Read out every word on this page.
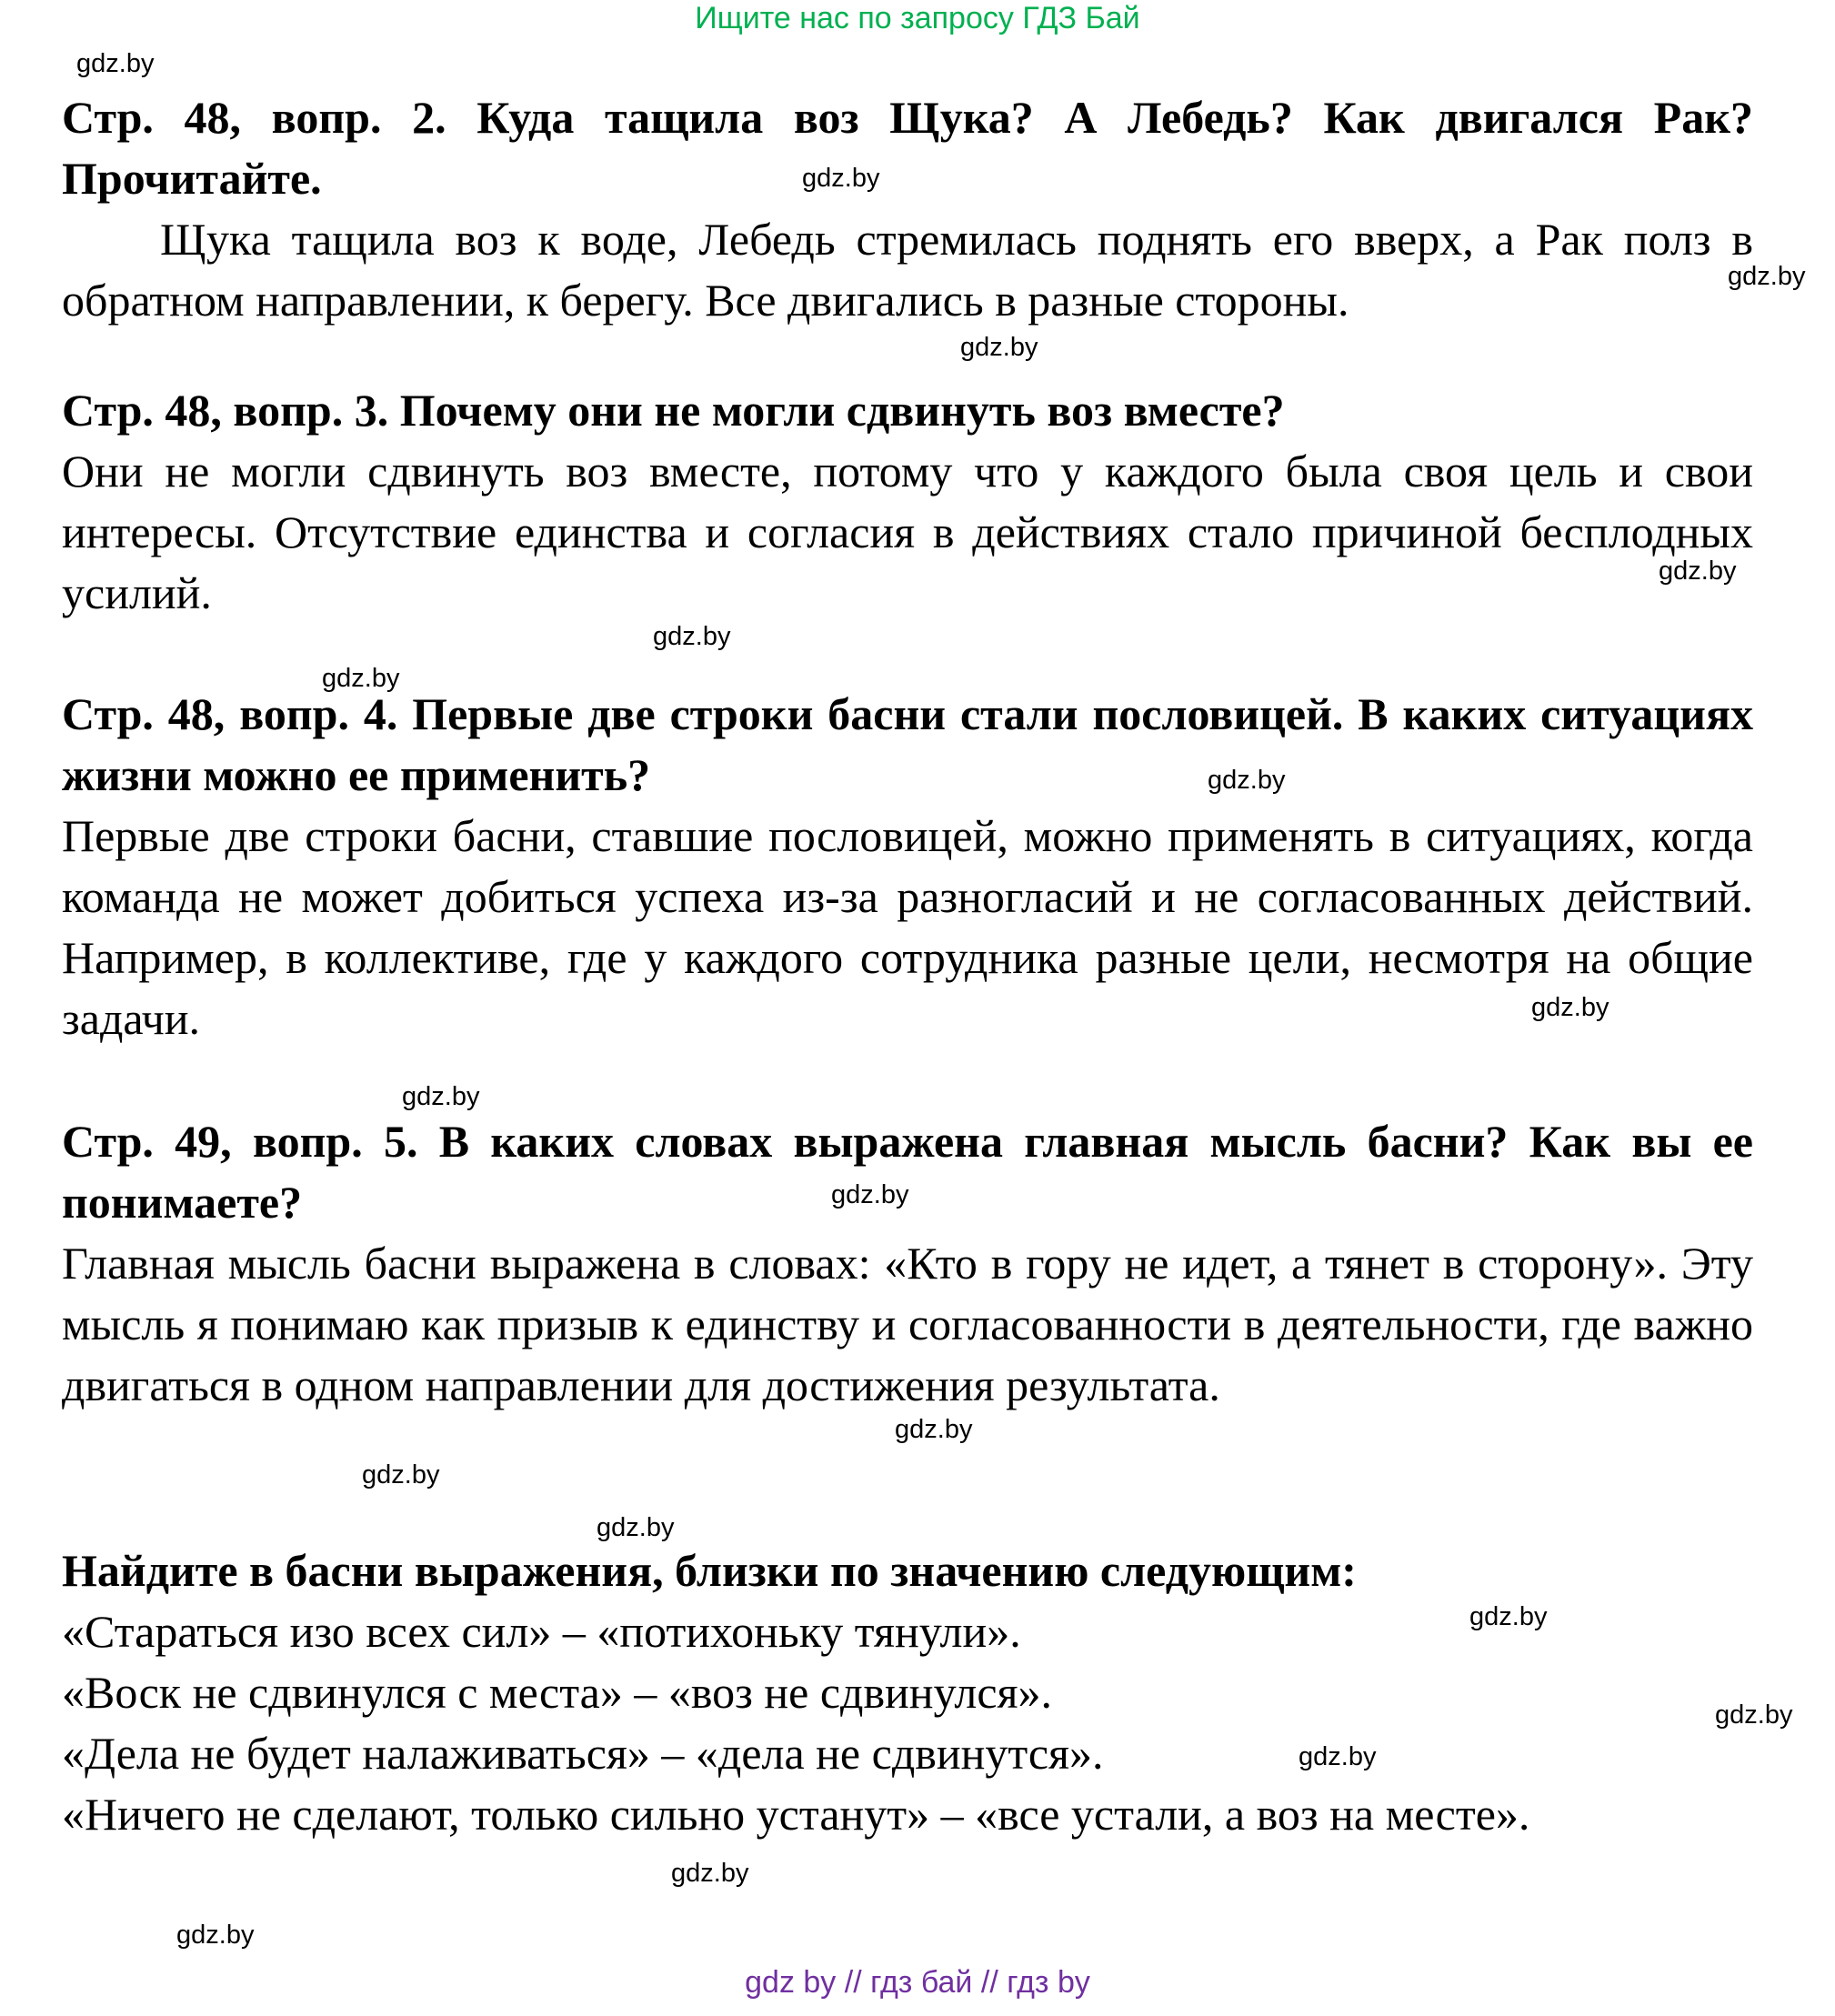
Ищите нас по запросу ГДЗ Бай
gdz.by
gdz.by
gdz.by
gdz.by
gdz.by
gdz.by
gdz.by
gdz.by
gdz.by
gdz.by
gdz.by
gdz.by
gdz.by
gdz.by
gdz.by
gdz.by
gdz.by
gdz.by
gdz.by

Стр. 48, вопр. 2. Куда тащила воз Щука? А Лебедь? Как двигался Рак? Прочитайте.

Щука тащила воз к воде, Лебедь стремилась поднять его вверх, а Рак полз в обратном направлении, к берегу. Все двигались в разные стороны.

Стр. 48, вопр. 3. Почему они не могли сдвинуть воз вместе?

Они не могли сдвинуть воз вместе, потому что у каждого была своя цель и свои интересы. Отсутствие единства и согласия в действиях стало причиной бесплодных усилий.

Стр. 48, вопр. 4. Первые две строки басни стали пословицей. В каких ситуациях жизни можно ее применить?

Первые две строки басни, ставшие пословицей, можно применять в ситуациях, когда команда не может добиться успеха из-за разногласий и не согласованных действий. Например, в коллективе, где у каждого сотрудника разные цели, несмотря на общие задачи.

Стр. 49, вопр. 5. В каких словах выражена главная мысль басни? Как вы ее понимаете?

Главная мысль басни выражена в словах: «Кто в гору не идет, а тянет в сторону». Эту мысль я понимаю как призыв к единству и согласованности в деятельности, где важно двигаться в одном направлении для достижения результата.

Найдите в басни выражения, близки по значению следующим:

«Стараться изо всех сил» – «потихоньку тянули».

«Воск не сдвинулся с места» – «воз не сдвинулся».

«Дела не будет налаживаться» – «дела не сдвинутся».

«Ничего не сделают, только сильно устанут» – «все устали, а воз на месте».

gdz by // гдз бай // гдз by
